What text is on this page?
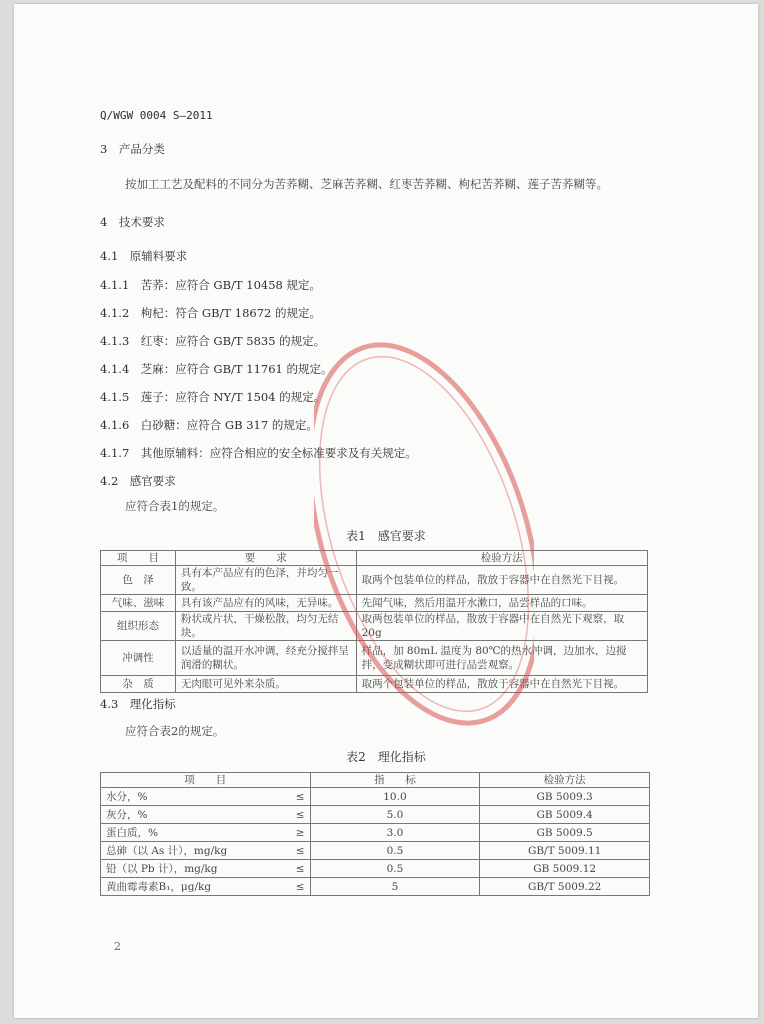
Q/WGW 0004 S—2011
3　产品分类
按加工工艺及配料的不同分为苦荞糊、芝麻苦荞糊、红枣苦荞糊、枸杞苦荞糊、莲子苦荞糊等。
4　技术要求
4.1　原辅料要求
4.1.1　苦荞：应符合 GB/T 10458 规定。
4.1.2　枸杞：符合 GB/T 18672 的规定。
4.1.3　红枣：应符合 GB/T 5835 的规定。
4.1.4　芝麻：应符合 GB/T 11761 的规定。
4.1.5　莲子：应符合 NY/T 1504 的规定。
4.1.6　白砂糖：应符合 GB 317 的规定。
4.1.7　其他原辅料：应符合相应的安全标准要求及有关规定。
4.2　感官要求
应符合表1的规定。
表1　感官要求
项　　目	要　　求	检验方法
色　泽	具有本产品应有的色泽，并均匀一致。	取两个包装单位的样品，散放于容器中在自然光下目视。
气味、滋味	具有该产品应有的风味，无异味。	先闻气味，然后用温开水漱口，品尝样品的口味。
组织形态	粉状或片状，干燥松散，均匀无结块。	取两包装单位的样品，散放于容器中在自然光下观察，取 20g
冲调性	以适量的温开水冲调，经充分搅拌呈润滑的糊状。	样品，加 80mL 温度为 80℃的热水冲调，边加水，边搅拌，变成糊状即可进行品尝观察。
杂　质	无肉眼可见外来杂质。	取两个包装单位的样品，散放于容器中在自然光下目视。
4.3　理化指标
应符合表2的规定。
表2　理化指标
项　　目		指　　标	检验方法
水分，%	≤	10.0	GB 5009.3
灰分，%	≤	5.0	GB 5009.4
蛋白质，%	≥	3.0	GB 5009.5
总砷（以 As 计），mg/kg	≤	0.5	GB/T 5009.11
铅（以 Pb 计），mg/kg	≤	0.5	GB 5009.12
黄曲霉毒素B₁，μg/kg	≤	5	GB/T 5009.22
2
